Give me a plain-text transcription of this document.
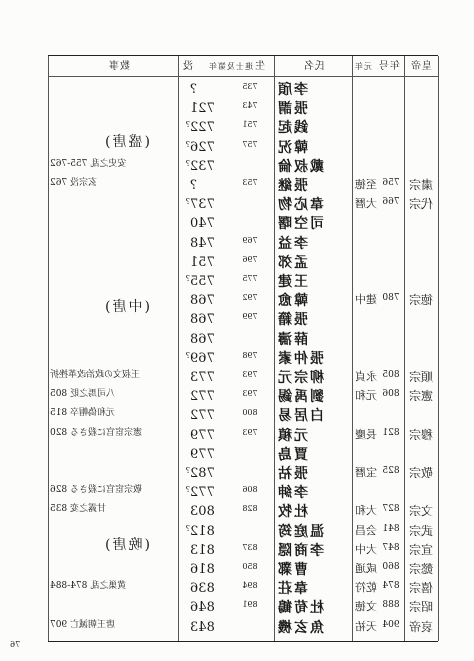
皇帝
年号
元年
氏名
生
進士及第年
没
数事
李頎
735
?
張謂
743
721
銭起
751
722
?
韓況
757
726
?
戴叔倫
732
?
安史之乱 755-762
粛宗
至徳 756
張継
753
?
玄宗没 762
代宗
大暦 766
韋応物
737
?
司空曙
740
李益
769
748
孟郊
796
751
王建
775
755
?
徳宗
建中 780
韓愈
792
768
張籍
799
768
薛濤
768
張仲素
798
769
?
順宗
永貞 805
柳宗元
793
773
王叔文の政治改革挫折
憲宗
元和 806
劉禹錫
793
772
八司馬之貶 805
白居易
800
772
元和偽帽卒 815
穆宗
長慶 821
元稹
793
779
憲宗宦官に殺さる 820
賈島
779
敬宗
宝暦 825
張祜
782
?
李紳
806
772
?
敬宗宦官に殺さる 826
文宗
大和 827
杜牧
828
803
甘露之変 835
武宗
会昌 841
温庭筠
812
?
宣宗
大中 847
李商隠
837
813
懿宗
咸通 860
曹鄴
850
816
僖宗
乾符 874
韋荘
894
836
黄巣之乱 874-884
昭宗
文徳 888
杜荀鶴
891
846
哀帝
天祐 904
魚玄機
843
唐王朝滅亡 907
(盛唐)
(中唐)
(晩唐)
76
